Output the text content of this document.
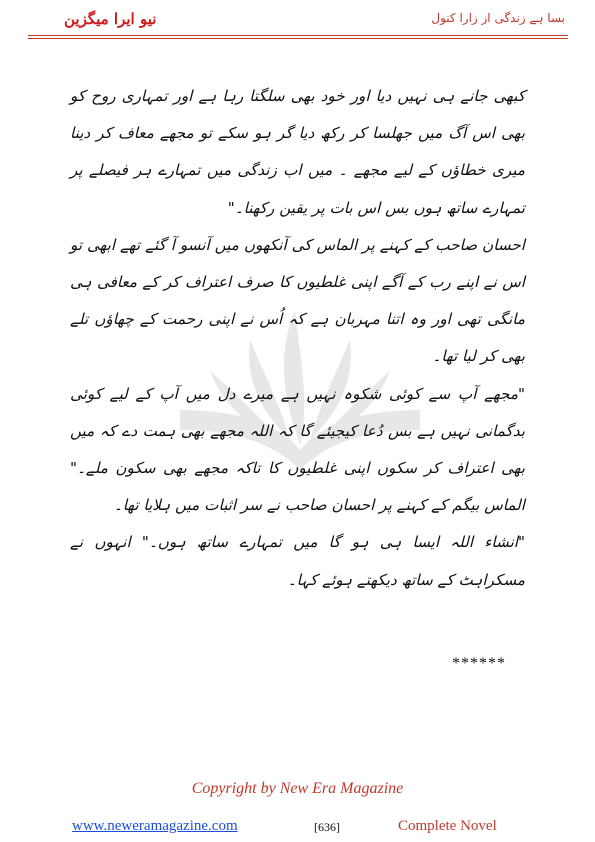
نیو ایرا میگزین	بسا ہے زندگی از زارا کنول

کبھی جانے ہی نہیں دیا اور خود بھی سلگتا رہا ہے اور تمہاری روح کو بھی اس آگ میں جھلسا کر رکھ دیا گر ہو سکے تو مجھے معاف کر دینا میری خطاؤں کے لیے مجھے ۔ میں اب زندگی میں تمہارے ہر فیصلے پر تمہارے ساتھ ہوں بس اس بات پر یقین رکھنا۔"

احسان صاحب کے کہنے پر الماس کی آنکھوں میں آنسو آ گئے تھے ابھی تو اس نے اپنے رب کے آگے اپنی غلطیوں کا صرف اعتراف کر کے معافی ہی مانگی تھی اور وہ اتنا مہربان ہے کہ اُس نے اپنی رحمت کے چھاؤں تلے بھی کر لیا تھا۔

"مجھے آپ سے کوئی شکوہ نہیں ہے میرے دل میں آپ کے لیے کوئی بدگمانی نہیں ہے بس دُعا کیجیئے گا کہ اللہ مجھے بھی ہمت دے کہ میں بھی اعتراف کر سکوں اپنی غلطیوں کا تاکہ مجھے بھی سکون ملے۔" الماس بیگم کے کہنے پر احسان صاحب نے سر اثبات میں ہلایا تھا۔

"انشاء اللہ ایسا ہی ہو گا میں تمہارے ساتھ ہوں۔" انہوں نے مسکراہٹ کے ساتھ دیکھتے ہوئے کہا۔

******
Copyright by New Era Magazine
www.neweramagazine.com	[636]	Complete Novel
